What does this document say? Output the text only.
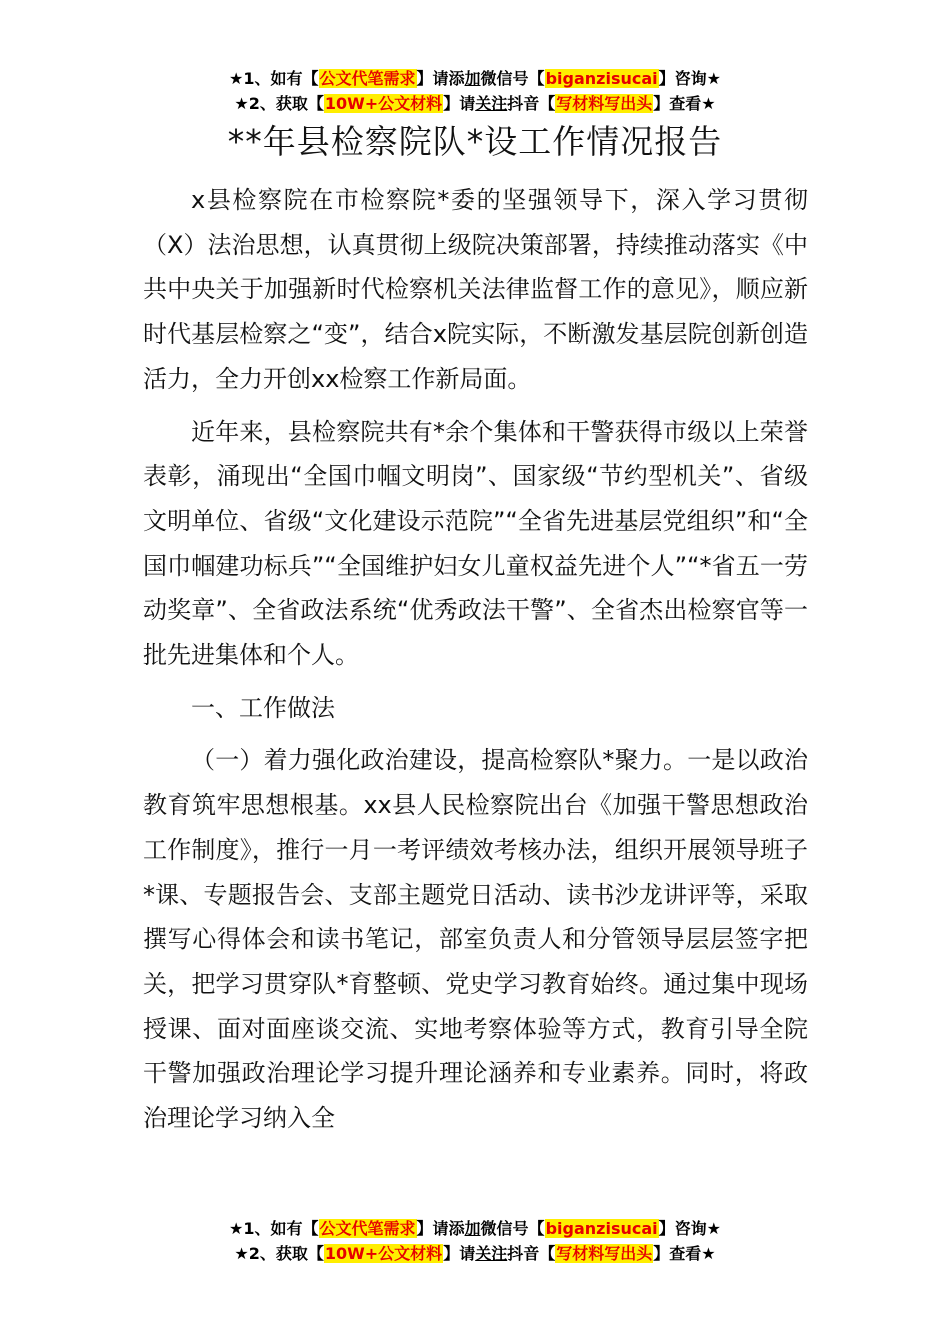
★1、如有【公文代笔需求】请添加微信号【biganzisucai】咨询★
★2、获取【10W+公文材料】请关注抖音【写材料写出头】查看★
**年县检察院队*设工作情况报告

x县检察院在市检察院*委的坚强领导下，深入学习贯彻（X）法治思想，认真贯彻上级院决策部署，持续推动落实《中共中央关于加强新时代检察机关法律监督工作的意见》，顺应新时代基层检察之“变”，结合x院实际，不断激发基层院创新创造活力，全力开创xx检察工作新局面。

近年来，县检察院共有*余个集体和干警获得市级以上荣誉表彰，涌现出“全国巾帼文明岗”、国家级“节约型机关”、省级文明单位、省级“文化建设示范院”“全省先进基层党组织”和“全国巾帼建功标兵”“全国维护妇女儿童权益先进个人”“*省五一劳动奖章”、全省政法系统“优秀政法干警”、全省杰出检察官等一批先进集体和个人。

一、工作做法

（一）着力强化政治建设，提高检察队*聚力。一是以政治教育筑牢思想根基。xx县人民检察院出台《加强干警思想政治工作制度》，推行一月一考评绩效考核办法，组织开展领导班子*课、专题报告会、支部主题党日活动、读书沙龙讲评等，采取撰写心得体会和读书笔记，部室负责人和分管领导层层签字把关，把学习贯穿队*育整顿、党史学习教育始终。通过集中现场授课、面对面座谈交流、实地考察体验等方式，教育引导全院干警加强政治理论学习提升理论涵养和专业素养。同时，将政治理论学习纳入全

★1、如有【公文代笔需求】请添加微信号【biganzisucai】咨询★
★2、获取【10W+公文材料】请关注抖音【写材料写出头】查看★
